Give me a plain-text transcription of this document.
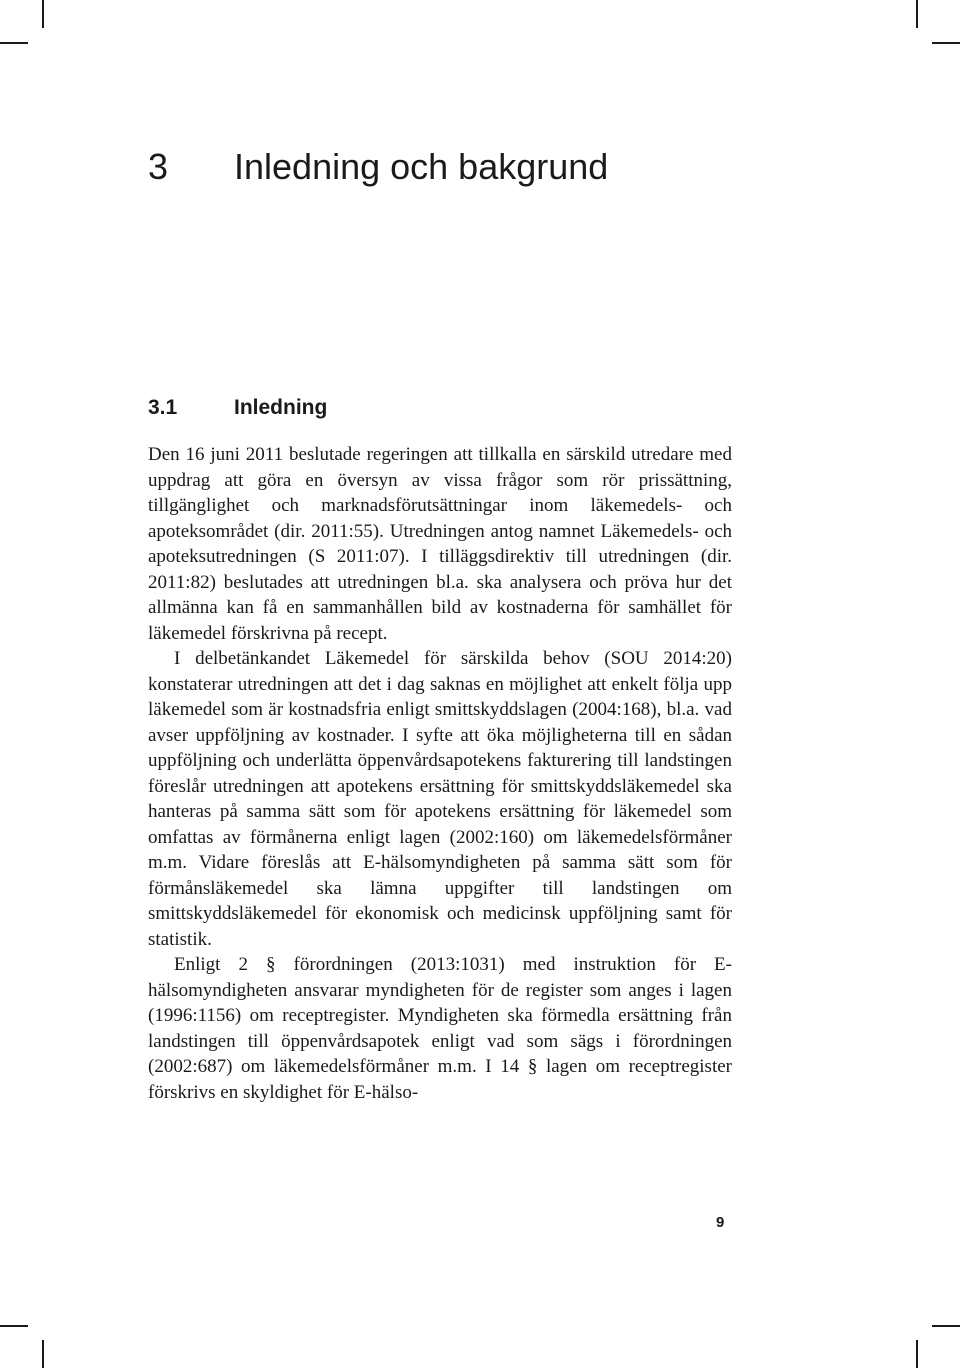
3 Inledning och bakgrund
3.1	Inledning

Den 16 juni 2011 beslutade regeringen att tillkalla en särskild utredare med uppdrag att göra en översyn av vissa frågor som rör prissättning, tillgänglighet och marknadsförutsättningar inom läkemedels- och apoteksområdet (dir. 2011:55). Utredningen antog namnet Läkemedels- och apoteksutredningen (S 2011:07). I tilläggsdirektiv till utredningen (dir. 2011:82) beslutades att utredningen bl.a. ska analysera och pröva hur det allmänna kan få en sammanhållen bild av kostnaderna för samhället för läkemedel förskrivna på recept.

I delbetänkandet Läkemedel för särskilda behov (SOU 2014:20) konstaterar utredningen att det i dag saknas en möjlighet att enkelt följa upp läkemedel som är kostnadsfria enligt smittskyddslagen (2004:168), bl.a. vad avser uppföljning av kostnader. I syfte att öka möjligheterna till en sådan uppföljning och underlätta öppenvårdsapotekens fakturering till landstingen föreslår utredningen att apotekens ersättning för smittskyddsläkemedel ska hanteras på samma sätt som för apotekens ersättning för läkemedel som omfattas av förmånerna enligt lagen (2002:160) om läkemedelsförmåner m.m. Vidare föreslås att E-hälsomyndigheten på samma sätt som för förmånsläkemedel ska lämna uppgifter till landstingen om smittskyddsläkemedel för ekonomisk och medicinsk uppföljning samt för statistik.

Enligt 2 § förordningen (2013:1031) med instruktion för E-hälsomyndigheten ansvarar myndigheten för de register som anges i lagen (1996:1156) om receptregister. Myndigheten ska förmedla ersättning från landstingen till öppenvårdsapotek enligt vad som sägs i förordningen (2002:687) om läkemedelsförmåner m.m. I 14 § lagen om receptregister förskrivs en skyldighet för E-hälso-

9
